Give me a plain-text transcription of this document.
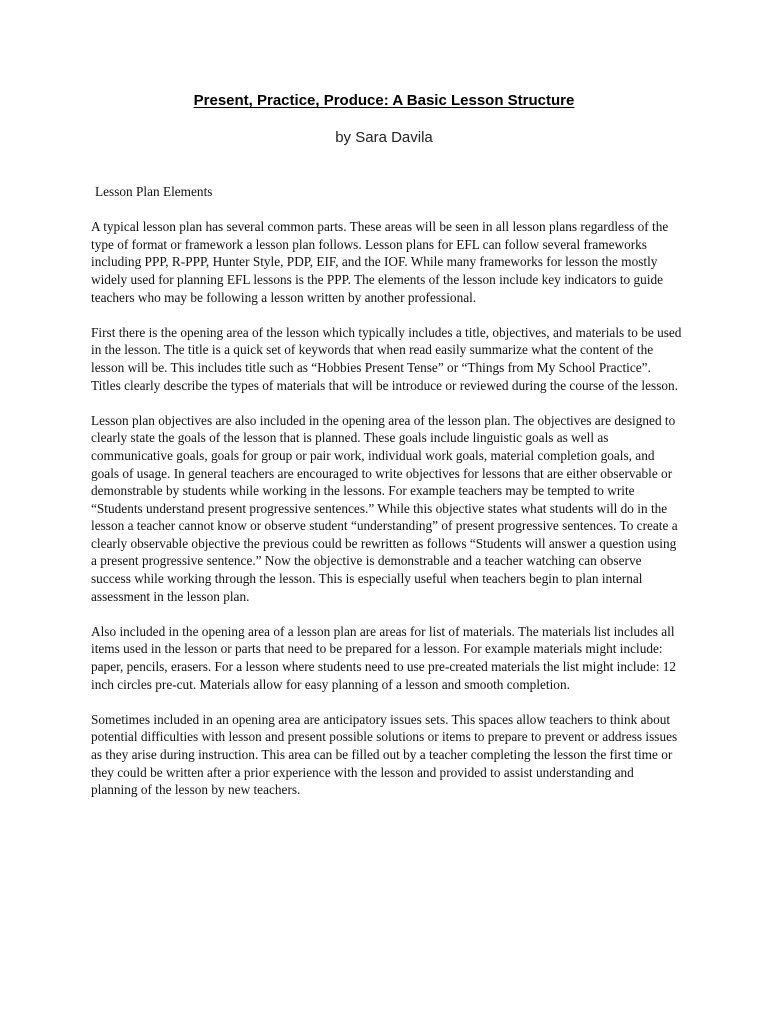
Present, Practice, Produce: A Basic Lesson Structure

by Sara Davila

Lesson Plan Elements

A typical lesson plan has several common parts. These areas will be seen in all lesson plans regardless of the type of format or framework a lesson plan follows. Lesson plans for EFL can follow several frameworks including PPP, R-PPP, Hunter Style, PDP, EIF, and the IOF. While many frameworks for lesson the mostly widely used for planning EFL lessons is the PPP. The elements of the lesson include key indicators to guide teachers who may be following a lesson written by another professional.

First there is the opening area of the lesson which typically includes a title, objectives, and materials to be used in the lesson. The title is a quick set of keywords that when read easily summarize what the content of the lesson will be. This includes title such as “Hobbies Present Tense” or “Things from My School Practice”. Titles clearly describe the types of materials that will be introduce or reviewed during the course of the lesson.

Lesson plan objectives are also included in the opening area of the lesson plan. The objectives are designed to clearly state the goals of the lesson that is planned. These goals include linguistic goals as well as communicative goals, goals for group or pair work, individual work goals, material completion goals, and goals of usage. In general teachers are encouraged to write objectives for lessons that are either observable or demonstrable by students while working in the lessons. For example teachers may be tempted to write “Students understand present progressive sentences.” While this objective states what students will do in the lesson a teacher cannot know or observe student “understanding” of present progressive sentences. To create a clearly observable objective the previous could be rewritten as follows “Students will answer a question using a present progressive sentence.” Now the objective is demonstrable and a teacher watching can observe success while working through the lesson. This is especially useful when teachers begin to plan internal assessment in the lesson plan.

Also included in the opening area of a lesson plan are areas for list of materials. The materials list includes all items used in the lesson or parts that need to be prepared for a lesson. For example materials might include: paper, pencils, erasers. For a lesson where students need to use pre-created materials the list might include: 12 inch circles pre-cut. Materials allow for easy planning of a lesson and smooth completion.

Sometimes included in an opening area are anticipatory issues sets. This spaces allow teachers to think about potential difficulties with lesson and present possible solutions or items to prepare to prevent or address issues as they arise during instruction. This area can be filled out by a teacher completing the lesson the first time or they could be written after a prior experience with the lesson and provided to assist understanding and planning of the lesson by new teachers.
